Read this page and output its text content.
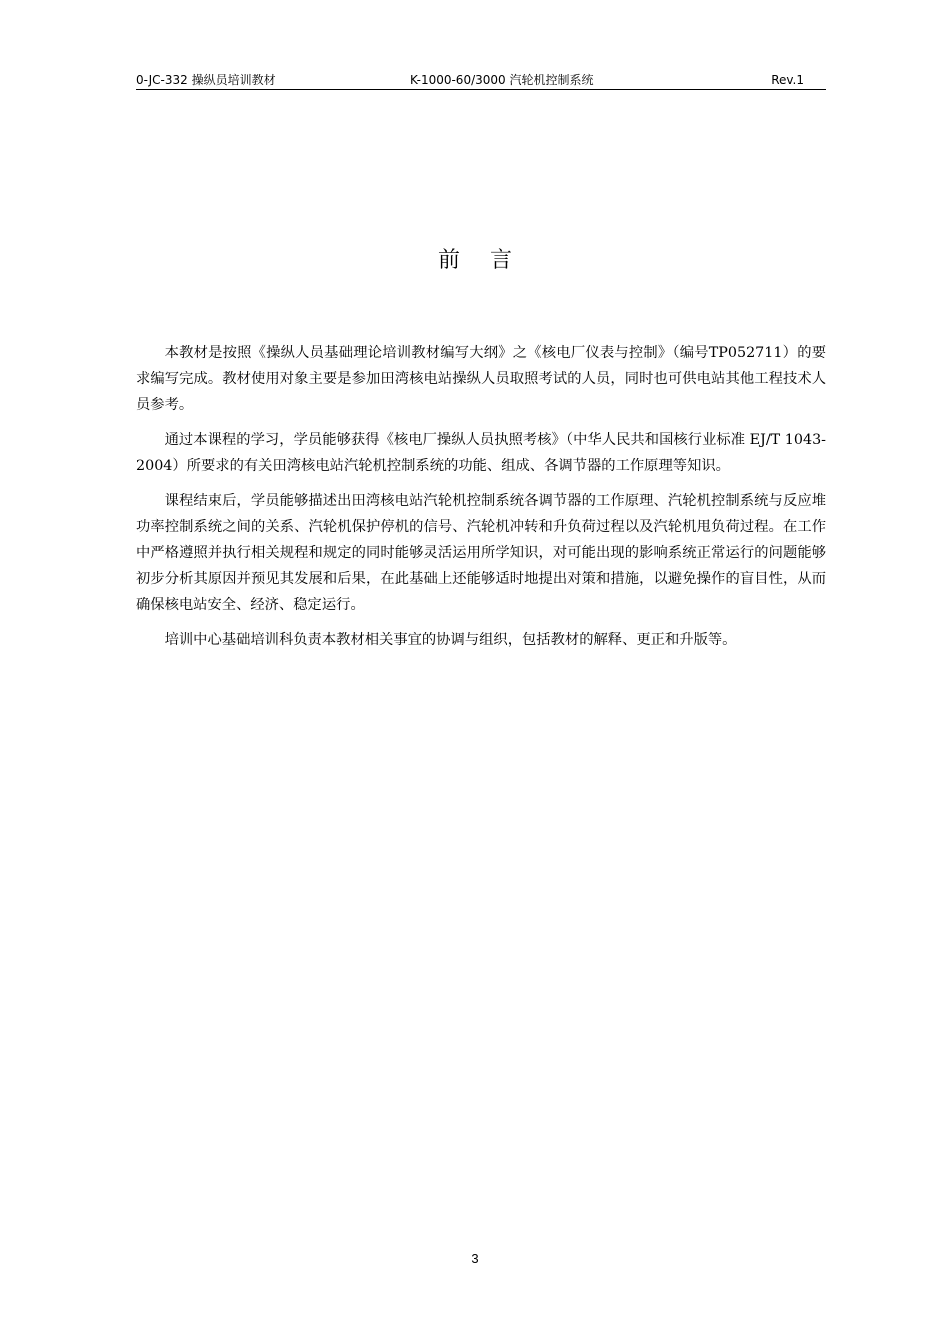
0-JC-332 操纵员培训教材	K-1000-60/3000 汽轮机控制系统	Rev.1
前言

本教材是按照《操纵人员基础理论培训教材编写大纲》之《核电厂仪表与控制》（编号TP052711）的要求编写完成。教材使用对象主要是参加田湾核电站操纵人员取照考试的人员，同时也可供电站其他工程技术人员参考。

通过本课程的学习，学员能够获得《核电厂操纵人员执照考核》（中华人民共和国核行业标准 EJ/T 1043-2004）所要求的有关田湾核电站汽轮机控制系统的功能、组成、各调节器的工作原理等知识。

课程结束后，学员能够描述出田湾核电站汽轮机控制系统各调节器的工作原理、汽轮机控制系统与反应堆功率控制系统之间的关系、汽轮机保护停机的信号、汽轮机冲转和升负荷过程以及汽轮机甩负荷过程。在工作中严格遵照并执行相关规程和规定的同时能够灵活运用所学知识，对可能出现的影响系统正常运行的问题能够初步分析其原因并预见其发展和后果，在此基础上还能够适时地提出对策和措施，以避免操作的盲目性，从而确保核电站安全、经济、稳定运行。

培训中心基础培训科负责本教材相关事宜的协调与组织，包括教材的解释、更正和升版等。

3
